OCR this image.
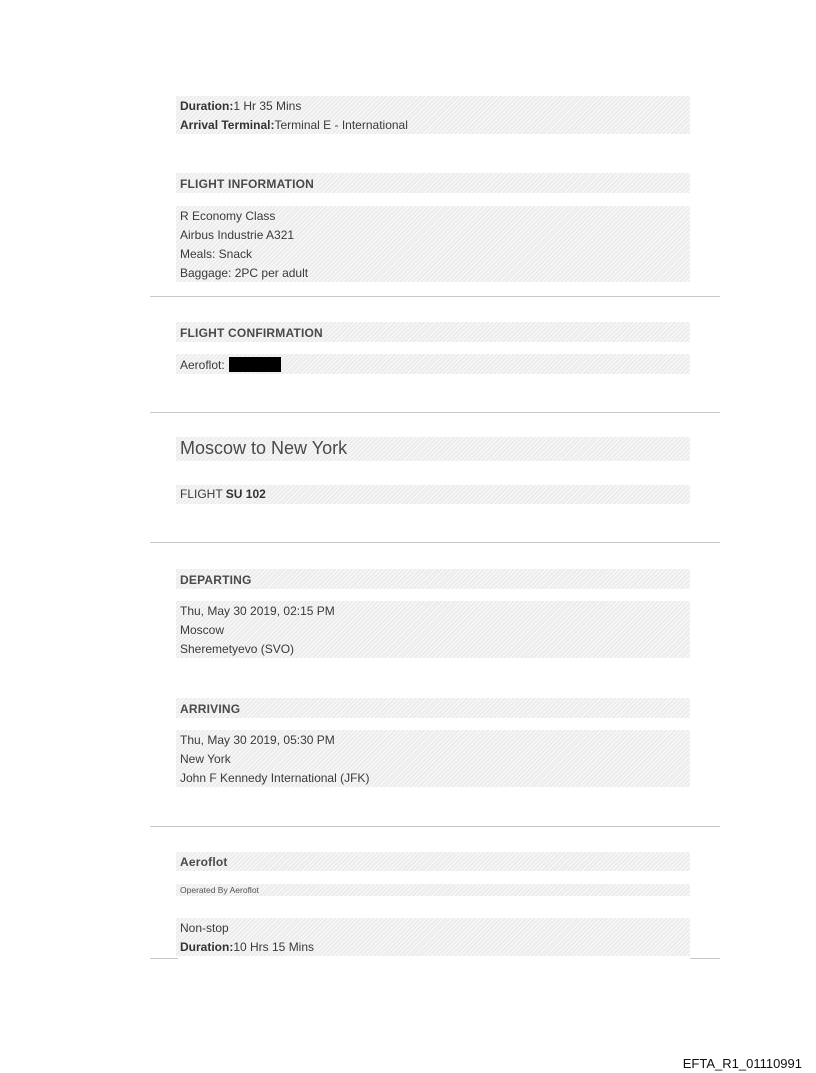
Duration:1 Hr 35 Mins
Arrival Terminal:Terminal E - International
FLIGHT INFORMATION
R Economy Class
Airbus Industrie A321
Meals: Snack
Baggage: 2PC per adult
FLIGHT CONFIRMATION
Aeroflot:
Moscow to New York
FLIGHT SU 102
DEPARTING
Thu, May 30 2019, 02:15 PM
Moscow
Sheremetyevo (SVO)
ARRIVING
Thu, May 30 2019, 05:30 PM
New York
John F Kennedy International (JFK)
Aeroflot
Operated By Aeroflot
Non-stop
Duration:10 Hrs 15 Mins
EFTA_R1_01110991
